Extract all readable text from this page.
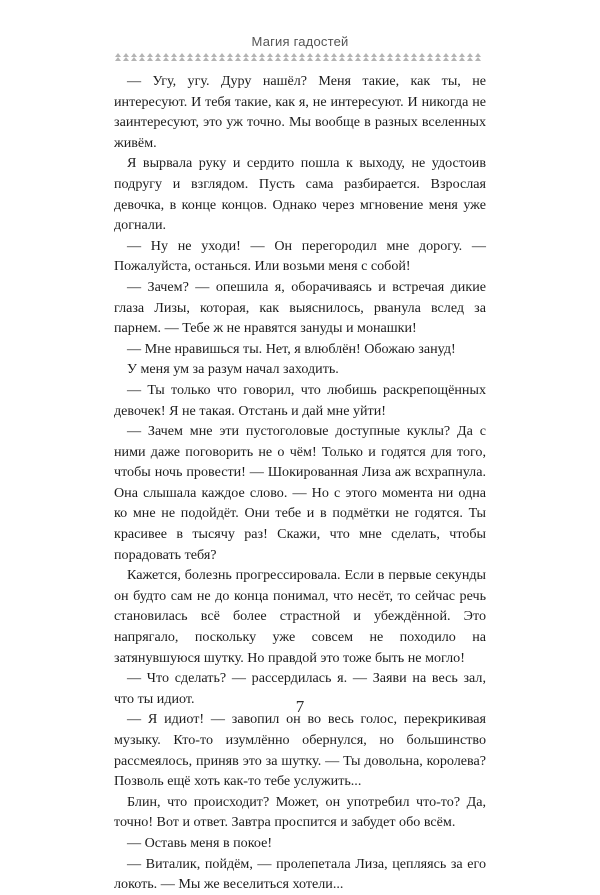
Магия гадостей

— Угу, угу. Дуру нашёл? Меня такие, как ты, не интересуют. И тебя такие, как я, не интересуют. И никогда не заинтересуют, это уж точно. Мы вообще в разных вселенных живём.

Я вырвала руку и сердито пошла к выходу, не удостоив подругу и взглядом. Пусть сама разбирается. Взрослая девочка, в конце концов. Однако через мгновение меня уже догнали.

— Ну не уходи! — Он перегородил мне дорогу. — Пожалуйста, останься. Или возьми меня с собой!

— Зачем? — опешила я, оборачиваясь и встречая дикие глаза Лизы, которая, как выяснилось, рванула вслед за парнем. — Тебе ж не нравятся зануды и монашки!

— Мне нравишься ты. Нет, я влюблён! Обожаю зануд!

У меня ум за разум начал заходить.

— Ты только что говорил, что любишь раскрепощённых девочек! Я не такая. Отстань и дай мне уйти!

— Зачем мне эти пустоголовые доступные куклы? Да с ними даже поговорить не о чём! Только и годятся для того, чтобы ночь провести! — Шокированная Лиза аж всхрапнула. Она слышала каждое слово. — Но с этого момента ни одна ко мне не подойдёт. Они тебе и в подмётки не годятся. Ты красивее в тысячу раз! Скажи, что мне сделать, чтобы порадовать тебя?

Кажется, болезнь прогрессировала. Если в первые секунды он будто сам не до конца понимал, что несёт, то сейчас речь становилась всё более страстной и убеждённой. Это напрягало, поскольку уже совсем не походило на затянувшуюся шутку. Но правдой это тоже быть не могло!

— Что сделать? — рассердилась я. — Заяви на весь зал, что ты идиот.

— Я идиот! — завопил он во весь голос, перекрикивая музыку. Кто-то изумлённо обернулся, но большинство рассмеялось, приняв это за шутку. — Ты довольна, королева? Позволь ещё хоть как-то тебе услужить...

Блин, что происходит? Может, он употребил что-то? Да, точно! Вот и ответ. Завтра проспится и забудет обо всём.

— Оставь меня в покое!

— Виталик, пойдём, — пролепетала Лиза, цепляясь за его локоть. — Мы же веселиться хотели...

7
